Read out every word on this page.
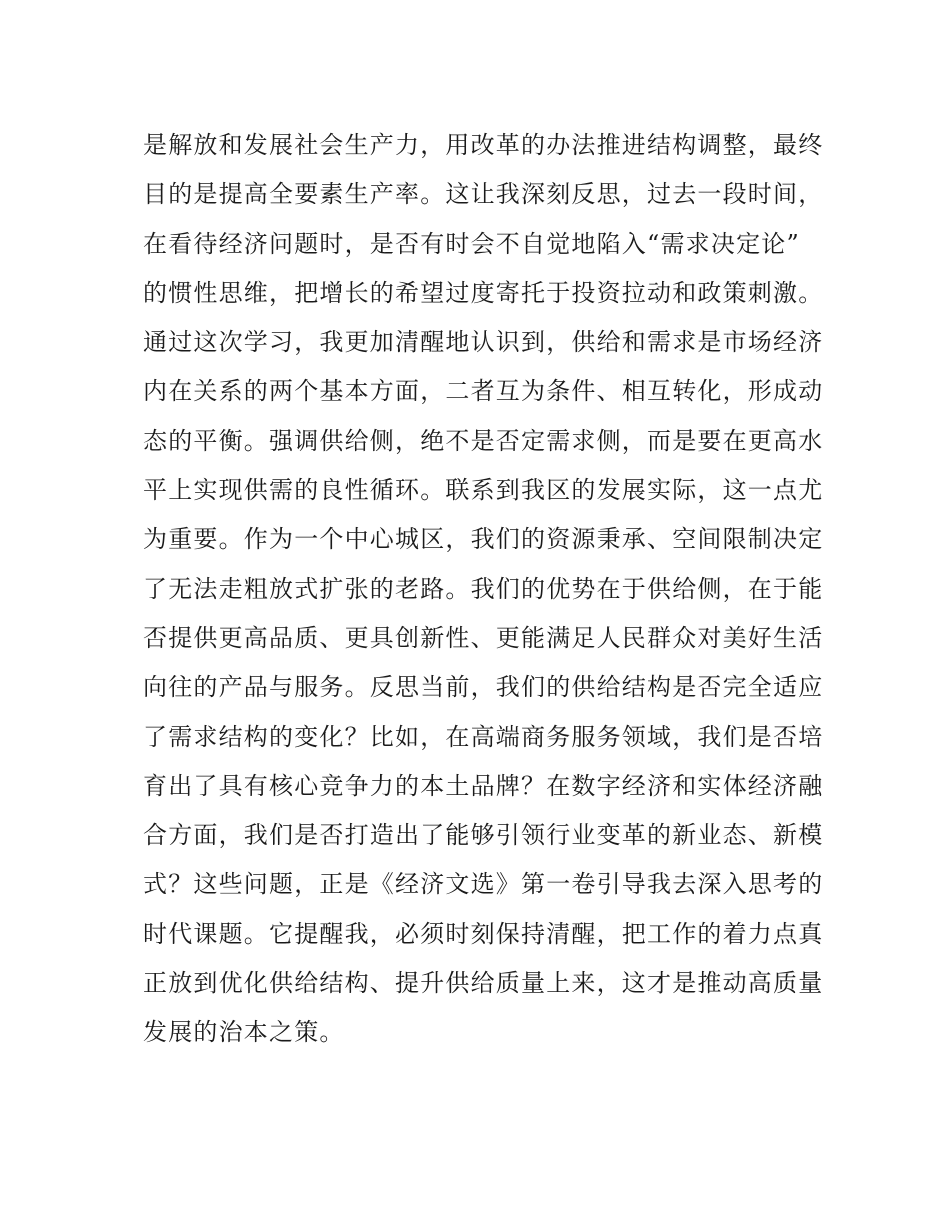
是解放和发展社会生产力，用改革的办法推进结构调整，最终
目的是提高全要素生产率。这让我深刻反思，过去一段时间，
在看待经济问题时，是否有时会不自觉地陷入“需求决定论”
的惯性思维，把增长的希望过度寄托于投资拉动和政策刺激。
通过这次学习，我更加清醒地认识到，供给和需求是市场经济
内在关系的两个基本方面，二者互为条件、相互转化，形成动
态的平衡。强调供给侧，绝不是否定需求侧，而是要在更高水
平上实现供需的良性循环。联系到我区的发展实际，这一点尤
为重要。作为一个中心城区，我们的资源秉承、空间限制决定
了无法走粗放式扩张的老路。我们的优势在于供给侧，在于能
否提供更高品质、更具创新性、更能满足人民群众对美好生活
向往的产品与服务。反思当前，我们的供给结构是否完全适应
了需求结构的变化？比如，在高端商务服务领域，我们是否培
育出了具有核心竞争力的本土品牌？在数字经济和实体经济融
合方面，我们是否打造出了能够引领行业变革的新业态、新模
式？这些问题，正是《经济文选》第一卷引导我去深入思考的
时代课题。它提醒我，必须时刻保持清醒，把工作的着力点真
正放到优化供给结构、提升供给质量上来，这才是推动高质量
发展的治本之策。
